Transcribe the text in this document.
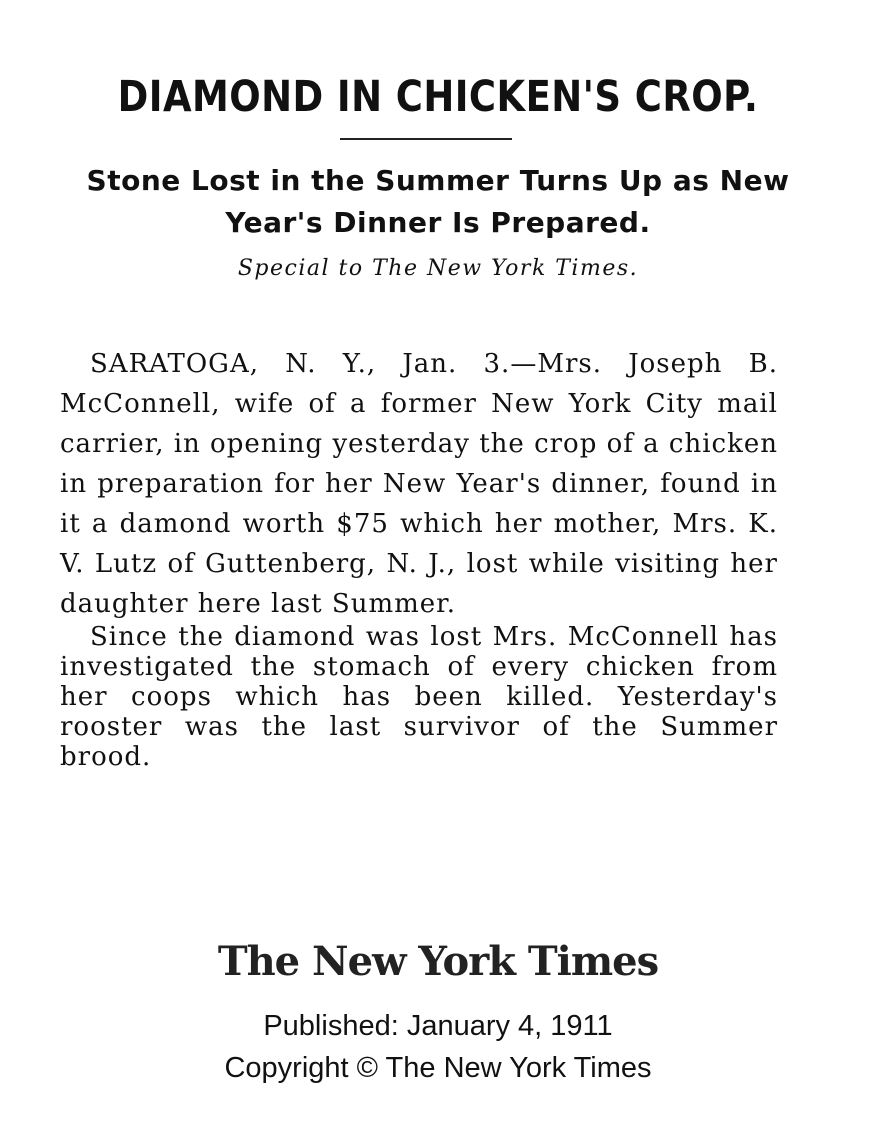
DIAMOND IN CHICKEN'S CROP.
Stone Lost in the Summer Turns Up as New Year's Dinner Is Prepared.
Special to The New York Times.

SARATOGA, N. Y., Jan. 3.—Mrs. Joseph B. McConnell, wife of a former New York City mail carrier, in opening yesterday the crop of a chicken in preparation for her New Year's dinner, found in it a damond worth $75 which her mother, Mrs. K. V. Lutz of Guttenberg, N. J., lost while visiting her daughter here last Summer.

Since the diamond was lost Mrs. McConnell has investigated the stomach of every chicken from her coops which has been killed. Yesterday's rooster was the last survivor of the Summer brood.

The New York Times
Published: January 4, 1911
Copyright © The New York Times
